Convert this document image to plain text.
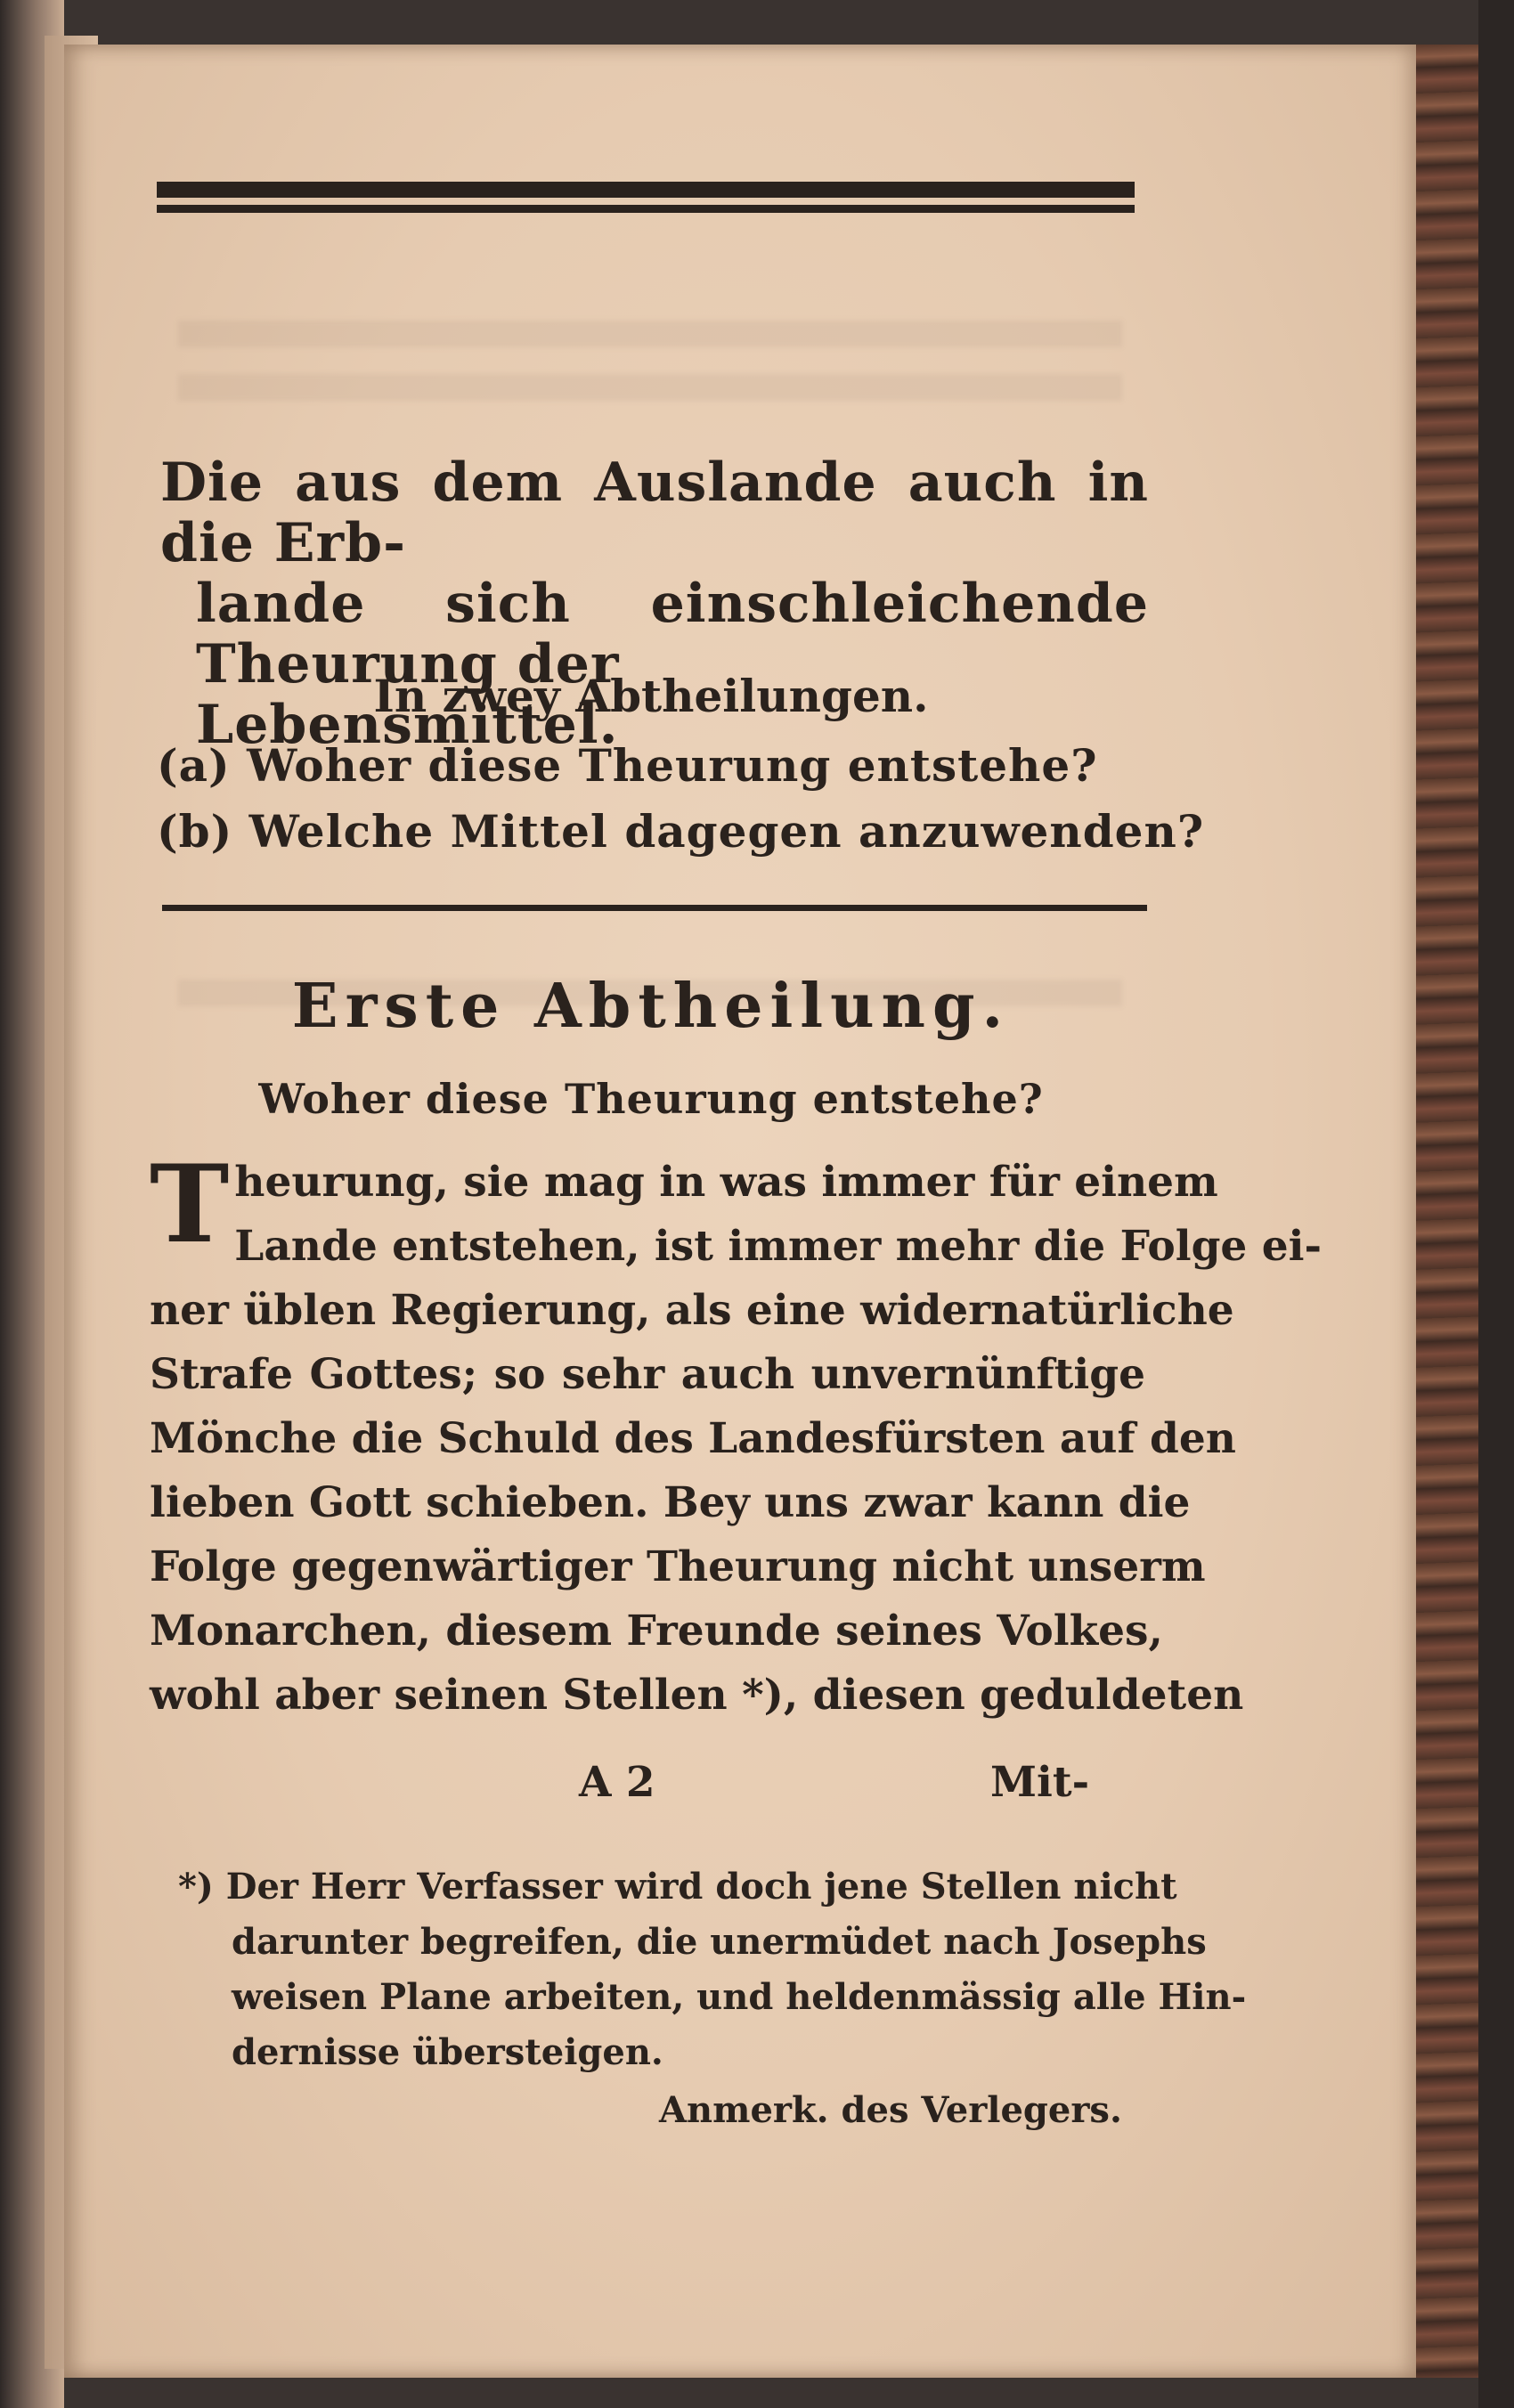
Die aus dem Auslande auch in die Erb-
lande sich einschleichende Theurung der
Lebensmittel.
In zwey Abtheilungen.
(a) Woher diese Theurung entstehe?
(b) Welche Mittel dagegen anzuwenden?
Erste Abtheilung.
Woher diese Theurung entstehe?
T heurung, sie mag in was immer für einem
Lande entstehen, ist immer mehr die Folge ei-
ner üblen Regierung, als eine widernatürliche
Strafe Gottes; so sehr auch unvernünftige
Mönche die Schuld des Landesfürsten auf den
lieben Gott schieben. Bey uns zwar kann die
Folge gegenwärtiger Theurung nicht unserm
Monarchen, diesem Freunde seines Volkes,
wohl aber seinen Stellen *), diesen geduldeten
A 2	Mit-
*) Der Herr Verfasser wird doch jene Stellen nicht
darunter begreifen, die unermüdet nach Josephs
weisen Plane arbeiten, und heldenmässig alle Hin-
dernisse übersteigen.
Anmerk. des Verlegers.
